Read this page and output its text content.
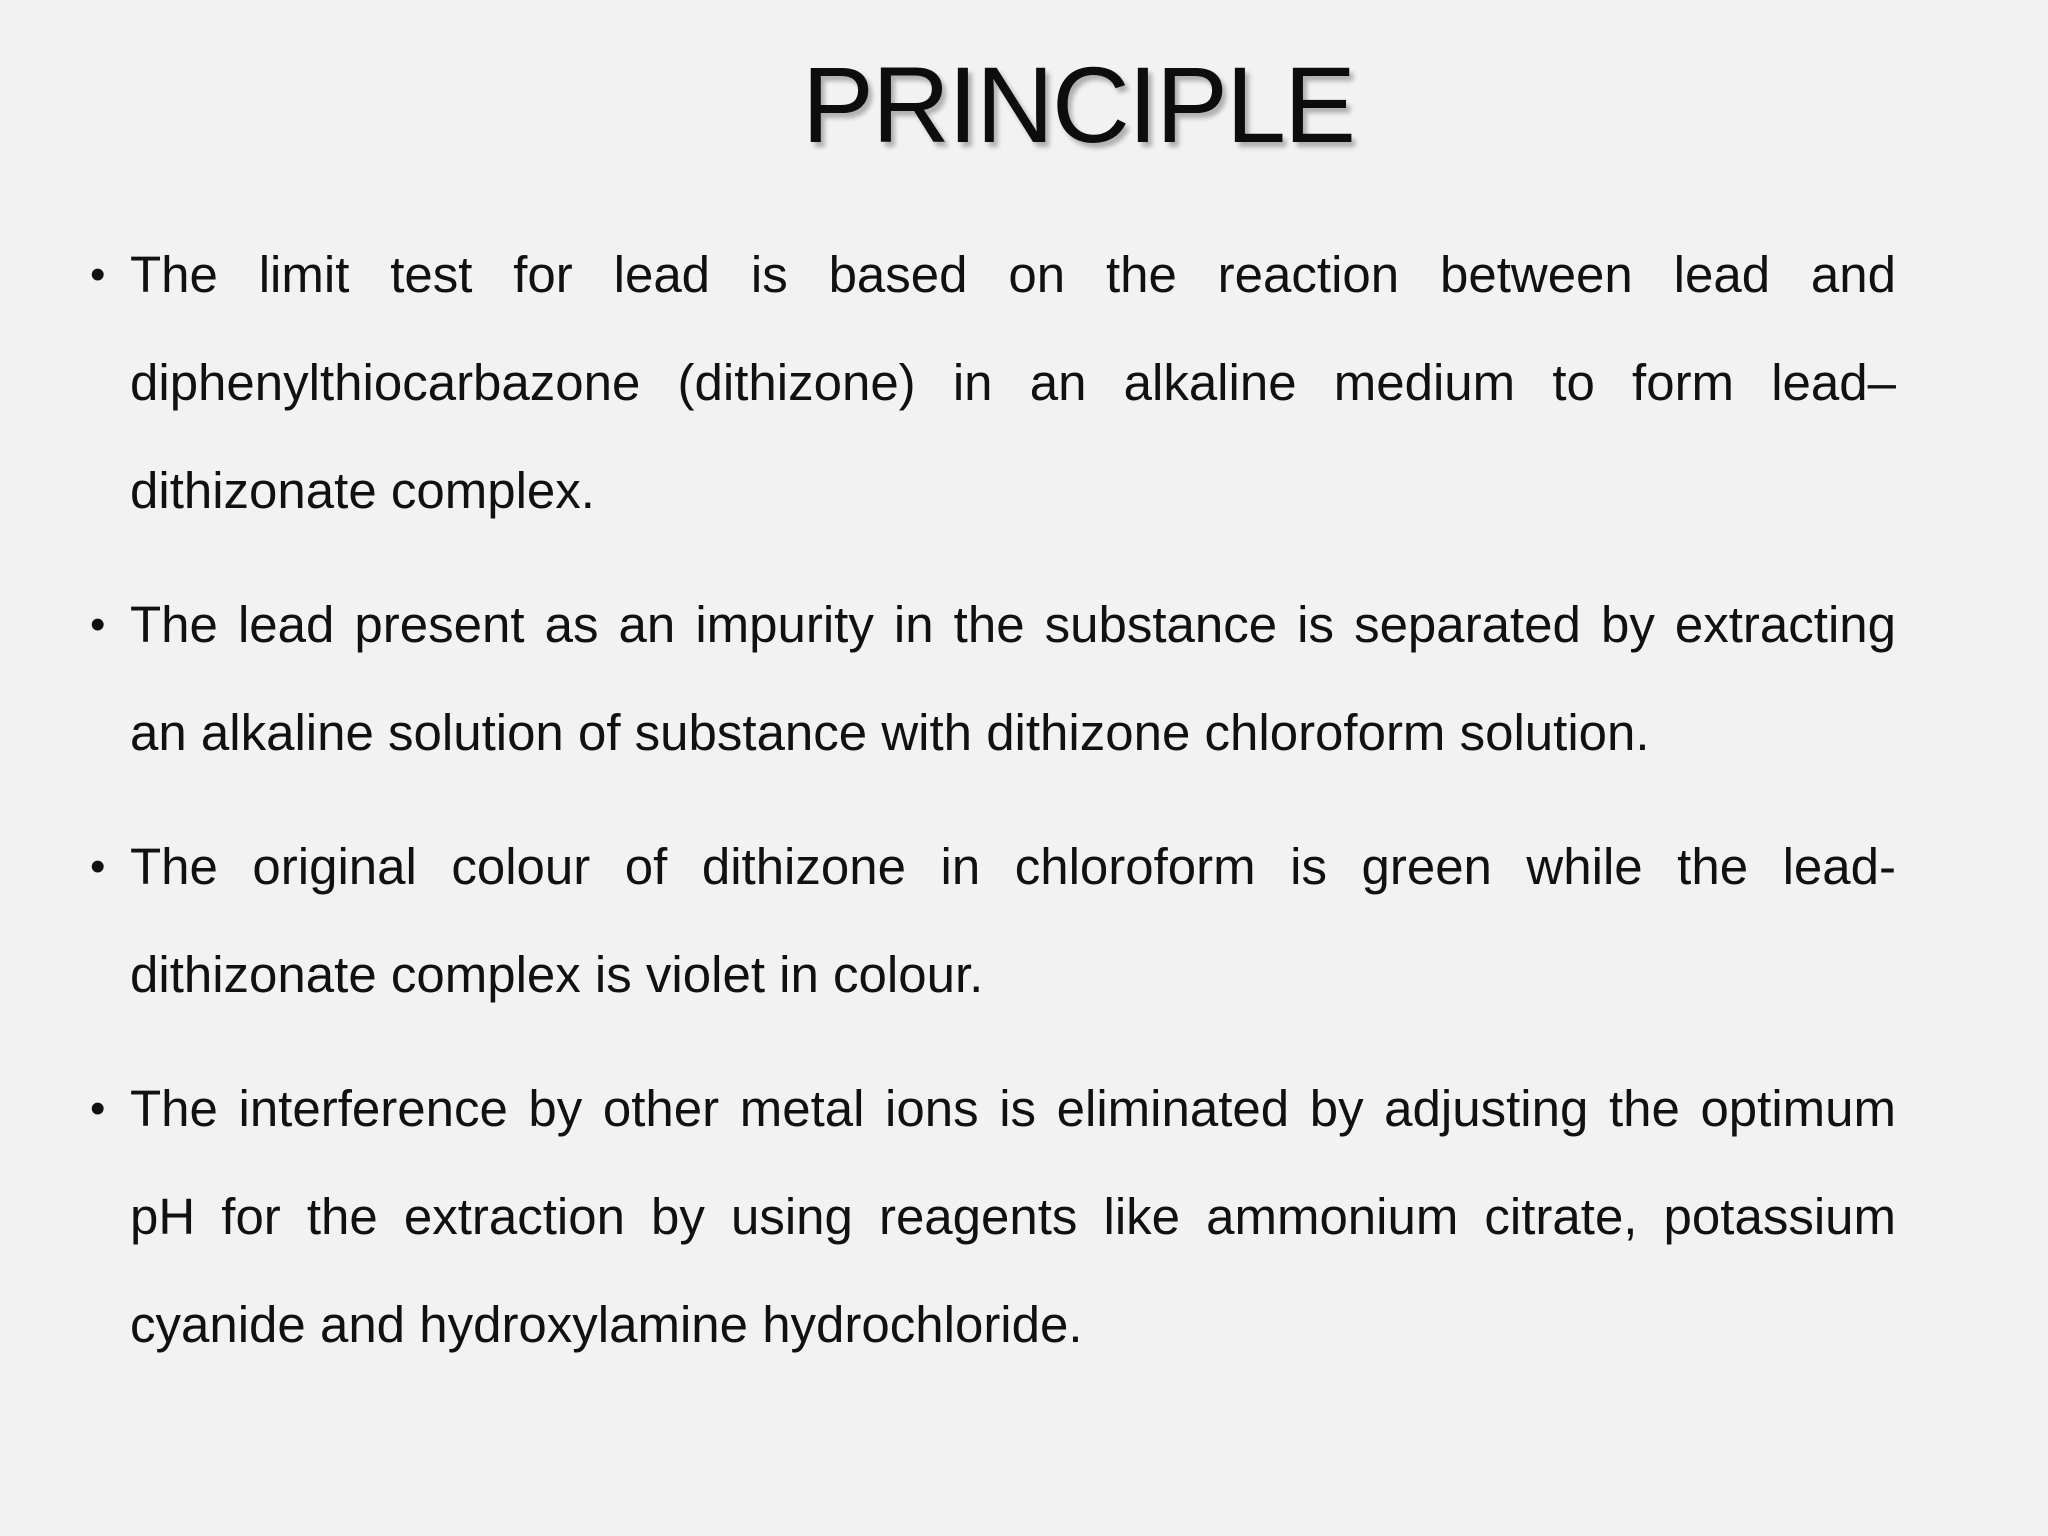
PRINCIPLE
• The limit test for lead is based on the reaction between lead and diphenylthiocarbazone (dithizone) in an alkaline medium to form lead–dithizonate complex.
• The lead present as an impurity in the substance is separated by extracting an alkaline solution of substance with dithizone chloroform solution.
• The original colour of dithizone in chloroform is green while the lead-dithizonate complex is violet in colour.
• The interference by other metal ions is eliminated by adjusting the optimum pH for the extraction by using reagents like ammonium citrate, potassium cyanide and hydroxylamine hydrochloride.
